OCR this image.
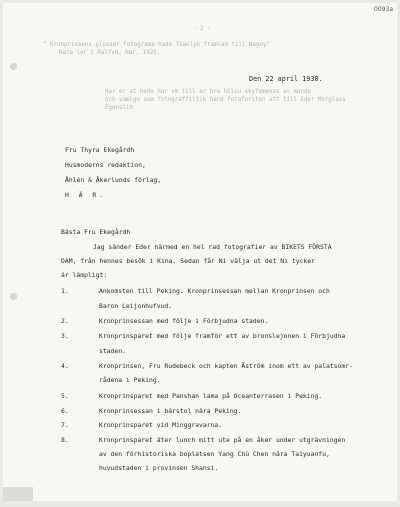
0093a
- 2 -
" Kronprinsens plusser fotograma hade Tsanlyk framlad till Nagoy"
Nara ler i Ralfvd, Nar. 1925.
Har er at hade har vm till er bra hilsu skyfemenas av mande
och vamlgu som fotograffiltik hand foraferiten att till Eder Morglass
Egenslih
Den 22 april 1930.
Fru Thyra Ekegårdh
Husmoderns redaktion,
Åhlén & Åkerlunds förlag,
H Ä R.
Bästa Fru Ekegårdh
Jag sänder Eder härmed en hel rad fotografier av BIKETS FÖRSTA
DAM, från hennes besök i Kina. Sedan får Ni välja ut det Ni tycker
är lämpligt:
1.	Ankomsten till Peking. Kronprinsessan mellan Kronprinsen och
Baron Leijonhufvud.
2.	Kronprinsessan med följe i Förbjudna staden.
3.	Kronprinsparet med följe framför ett av bronslejonen i Förbjudna
staden.
4.	Kronprinsen, Fru Rudebeck och kapten Åström inom ett av palatsomr-
rådena i Peking.
5.	Kronprinsparet med Panshan lama på Oceanterrasen i Peking.
6.	Kronprinsessan i bärstol nära Peking.
7.	Kronprinsparet vid Minggravarna.
8.	Kronprinsparet äter lunch mitt ute på en åker under utgrävningen
av den förhistoriska boplatsen Yang Chü Chen nära Taiyuanfu,
huvudstaden i provinsen Shansi.
